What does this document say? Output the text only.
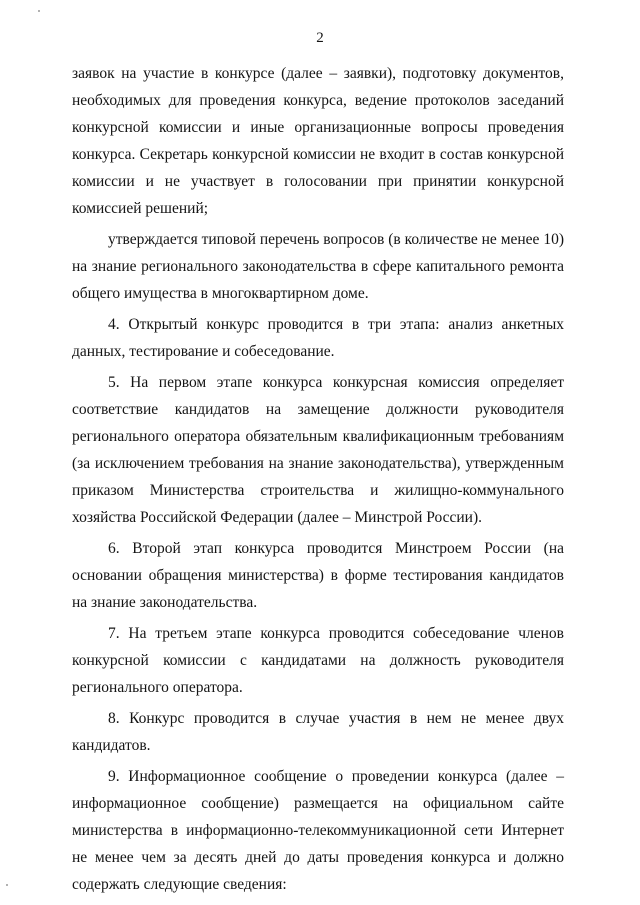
2

заявок на участие в конкурсе (далее – заявки), подготовку документов, необходимых для проведения конкурса, ведение протоколов заседаний конкурсной комиссии и иные организационные вопросы проведения конкурса. Секретарь конкурсной комиссии не входит в состав конкурсной комиссии и не участвует в голосовании при принятии конкурсной комиссией решений;

утверждается типовой перечень вопросов (в количестве не менее 10) на знание регионального законодательства в сфере капитального ремонта общего имущества в многоквартирном доме.

4. Открытый конкурс проводится в три этапа: анализ анкетных данных, тестирование и собеседование.

5. На первом этапе конкурса конкурсная комиссия определяет соответствие кандидатов на замещение должности руководителя регионального оператора обязательным квалификационным требованиям (за исключением требования на знание законодательства), утвержденным приказом Министерства строительства и жилищно-коммунального хозяйства Российской Федерации (далее – Минстрой России).

6. Второй этап конкурса проводится Минстроем России (на основании обращения министерства) в форме тестирования кандидатов на знание законодательства.

7. На третьем этапе конкурса проводится собеседование членов конкурсной комиссии с кандидатами на должность руководителя регионального оператора.

8. Конкурс проводится в случае участия в нем не менее двух кандидатов.

9. Информационное сообщение о проведении конкурса (далее – информационное сообщение) размещается на официальном сайте министерства в информационно-телекоммуникационной сети Интернет не менее чем за десять дней до даты проведения конкурса и должно содержать следующие сведения:
